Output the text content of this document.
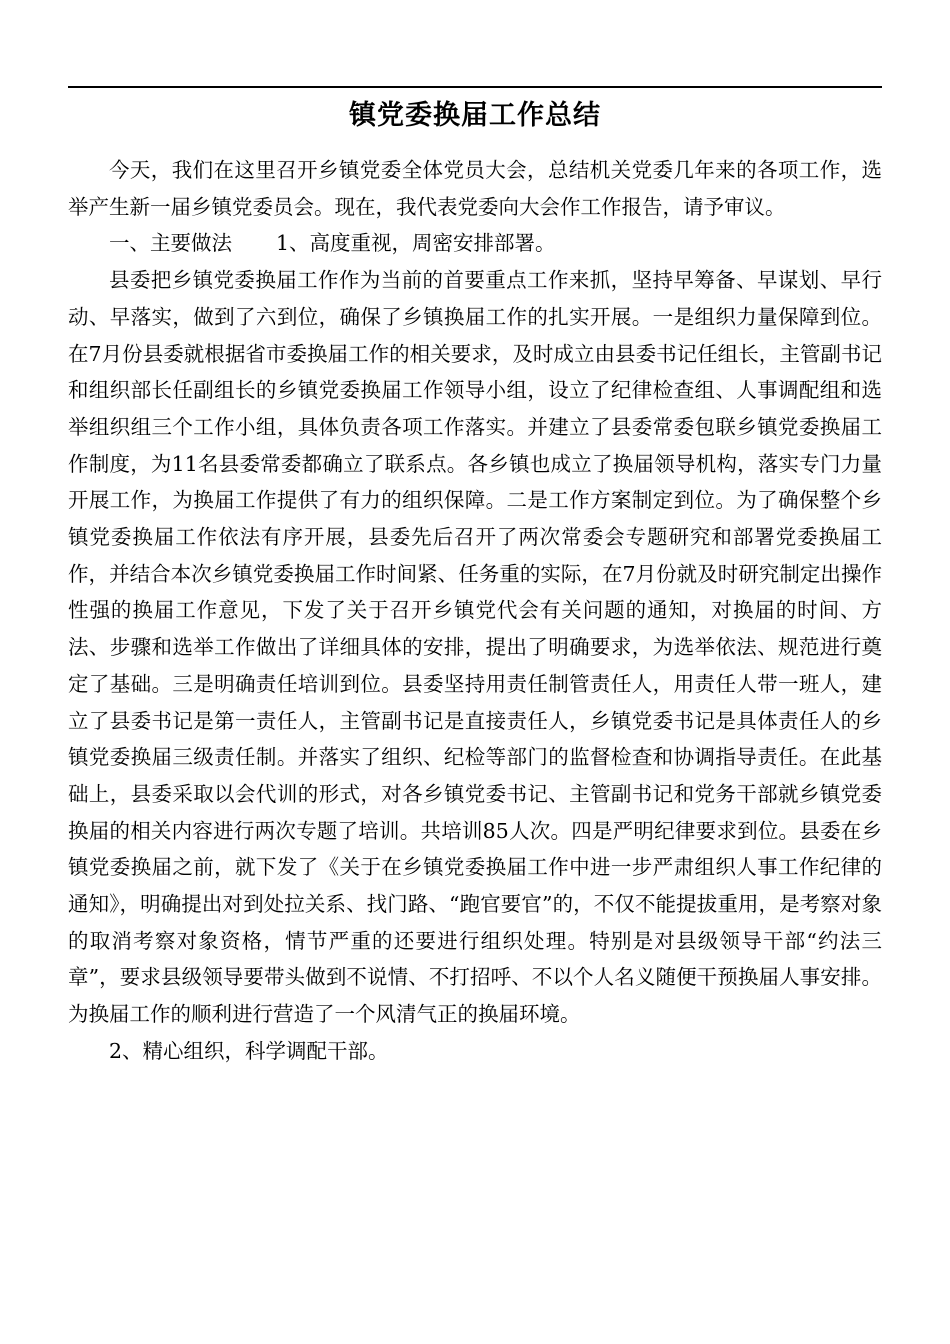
镇党委换届工作总结

今天，我们在这里召开乡镇党委全体党员大会，总结机关党委几年来的各项工作，选举产生新一届乡镇党委员会。现在，我代表党委向大会作工作报告，请予审议。

一、主要做法 1、高度重视，周密安排部署。

县委把乡镇党委换届工作作为当前的首要重点工作来抓，坚持早筹备、早谋划、早行动、早落实，做到了六到位，确保了乡镇换届工作的扎实开展。一是组织力量保障到位。在7月份县委就根据省市委换届工作的相关要求，及时成立由县委书记任组长，主管副书记和组织部长任副组长的乡镇党委换届工作领导小组，设立了纪律检查组、人事调配组和选举组织组三个工作小组，具体负责各项工作落实。并建立了县委常委包联乡镇党委换届工作制度，为11名县委常委都确立了联系点。各乡镇也成立了换届领导机构，落实专门力量开展工作，为换届工作提供了有力的组织保障。二是工作方案制定到位。为了确保整个乡镇党委换届工作依法有序开展，县委先后召开了两次常委会专题研究和部署党委换届工作，并结合本次乡镇党委换届工作时间紧、任务重的实际，在7月份就及时研究制定出操作性强的换届工作意见，下发了关于召开乡镇党代会有关问题的通知，对换届的时间、方法、步骤和选举工作做出了详细具体的安排，提出了明确要求，为选举依法、规范进行奠定了基础。三是明确责任培训到位。县委坚持用责任制管责任人，用责任人带一班人，建立了县委书记是第一责任人，主管副书记是直接责任人，乡镇党委书记是具体责任人的乡镇党委换届三级责任制。并落实了组织、纪检等部门的监督检查和协调指导责任。在此基础上，县委采取以会代训的形式，对各乡镇党委书记、主管副书记和党务干部就乡镇党委换届的相关内容进行两次专题了培训。共培训85人次。四是严明纪律要求到位。县委在乡镇党委换届之前，就下发了《关于在乡镇党委换届工作中进一步严肃组织人事工作纪律的通知》，明确提出对到处拉关系、找门路、“跑官要官”的，不仅不能提拔重用，是考察对象的取消考察对象资格，情节严重的还要进行组织处理。特别是对县级领导干部“约法三章”，要求县级领导要带头做到不说情、不打招呼、不以个人名义随便干预换届人事安排。为换届工作的顺利进行营造了一个风清气正的换届环境。

2、精心组织，科学调配干部。
